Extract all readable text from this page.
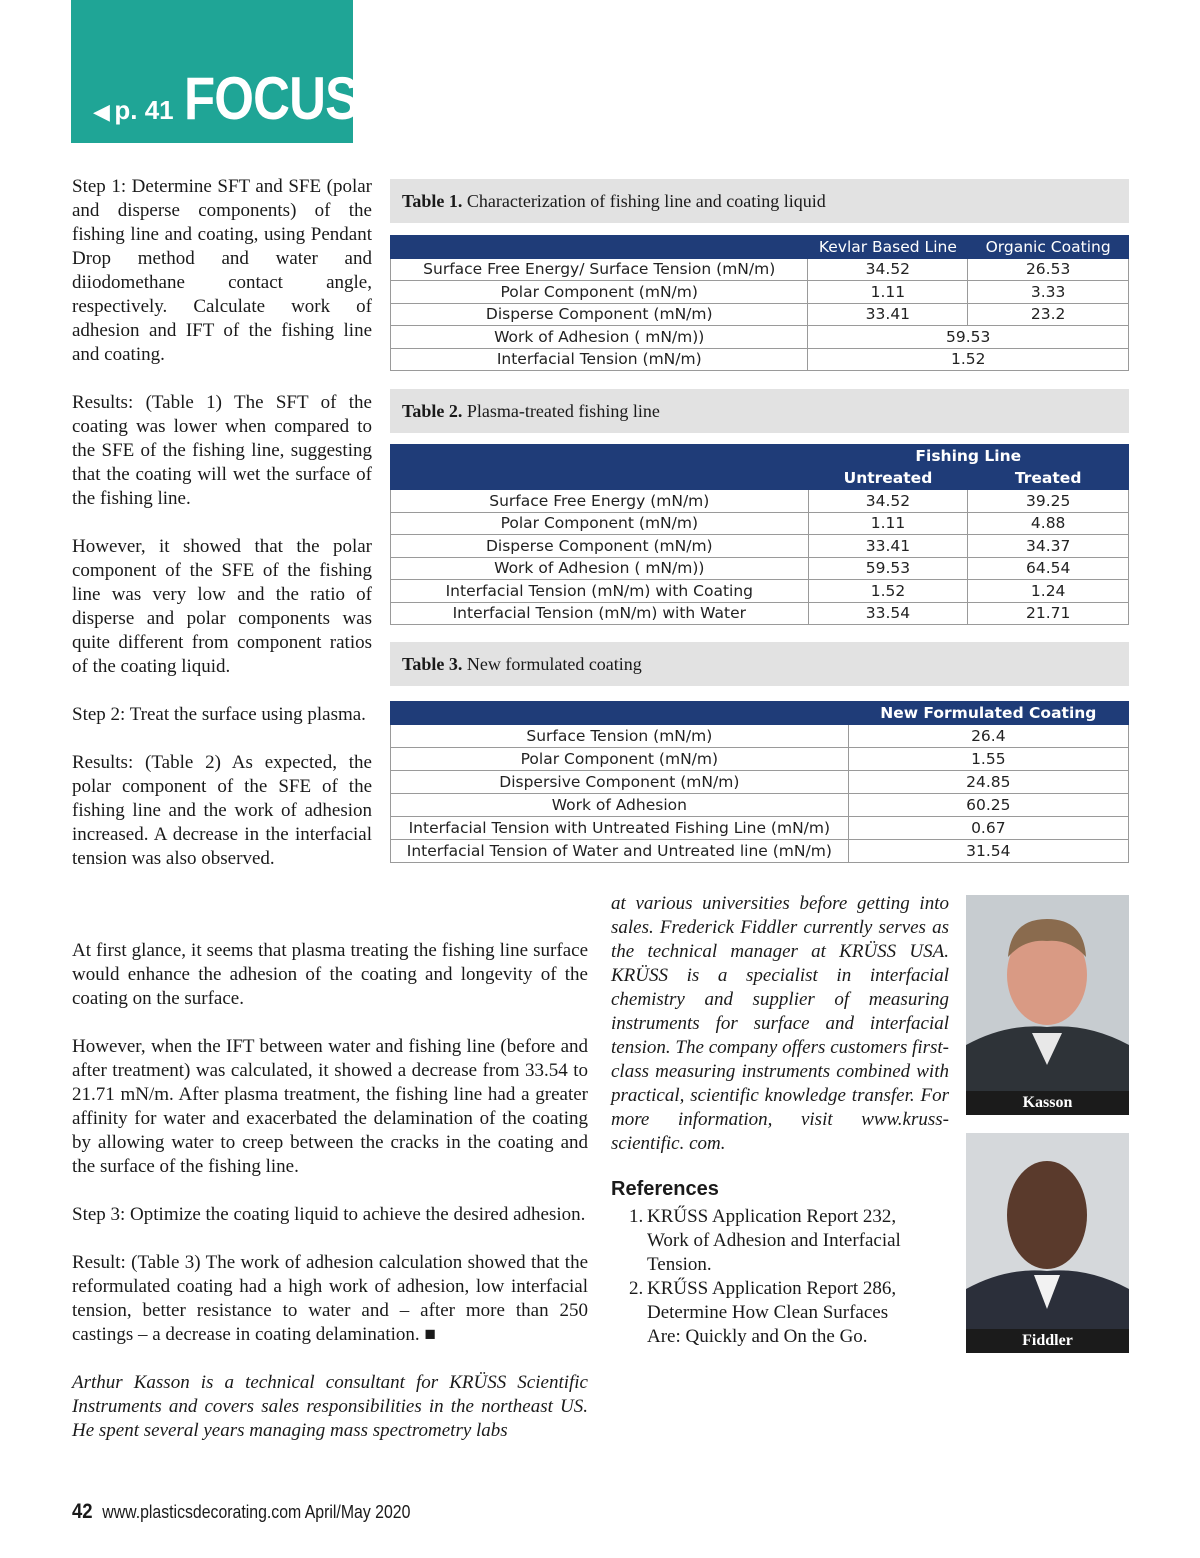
◀ p. 41 FOCUS

Step 1: Determine SFT and SFE (polar and disperse components) of the fishing line and coating, using Pendant Drop method and water and diiodomethane contact angle, respectively. Calculate work of adhesion and IFT of the fishing line and coating.

Results: (Table 1) The SFT of the coating was lower when compared to the SFE of the fishing line, suggesting that the coating will wet the surface of the fishing line.

However, it showed that the polar component of the SFE of the fishing line was very low and the ratio of disperse and polar components was quite different from component ratios of the coating liquid.

Step 2: Treat the surface using plasma.

Results: (Table 2) As expected, the polar component of the SFE of the fishing line and the work of adhesion increased. A decrease in the interfacial tension was also observed.

Table 1. Characterization of fishing line and coating liquid
	Kevlar Based Line	Organic Coating
Surface Free Energy/ Surface Tension (mN/m)	34.52	26.53
Polar Component (mN/m)	1.11	3.33
Disperse Component (mN/m)	33.41	23.2
Work of Adhesion ( mN/m))	59.53	
Interfacial Tension (mN/m)	1.52	
Table 2. Plasma-treated fishing line
	Fishing Line	
	Untreated	Treated
Surface Free Energy (mN/m)	34.52	39.25
Polar Component (mN/m)	1.11	4.88
Disperse Component (mN/m)	33.41	34.37
Work of Adhesion ( mN/m))	59.53	64.54
Interfacial Tension (mN/m) with Coating	1.52	1.24
Interfacial Tension (mN/m) with Water	33.54	21.71
Table 3. New formulated coating
	New Formulated Coating
Surface Tension (mN/m)	26.4
Polar Component (mN/m)	1.55
Dispersive Component (mN/m)	24.85
Work of Adhesion	60.25
Interfacial Tension with Untreated Fishing Line (mN/m)	0.67
Interfacial Tension of Water and Untreated line (mN/m)	31.54

At first glance, it seems that plasma treating the fishing line surface would enhance the adhesion of the coating and longevity of the coating on the surface.

However, when the IFT between water and fishing line (before and after treatment) was calculated, it showed a decrease from 33.54 to 21.71 mN/m. After plasma treatment, the fishing line had a greater affinity for water and exacerbated the delamination of the coating by allowing water to creep between the cracks in the coating and the surface of the fishing line.

Step 3: Optimize the coating liquid to achieve the desired adhesion.

Result: (Table 3) The work of adhesion calculation showed that the reformulated coating had a high work of adhesion, low interfacial tension, better resistance to water and – after more than 250 castings – a decrease in coating delamination. ■

Arthur Kasson is a technical consultant for KRÜSS Scientific Instruments and covers sales responsibilities in the northeast US. He spent several years managing mass spectrometry labs

at various universities before getting into sales. Frederick Fiddler currently serves as the technical manager at KRÜSS USA. KRÜSS is a specialist in interfacial chemistry and supplier of measuring instruments for surface and interfacial tension. The company offers customers first-class measuring instruments combined with practical, scientific knowledge transfer. For more information, visit www.kruss-scientific. com.

References
1. KRŰSS Application Report 232, Work of Adhesion and Interfacial Tension.
2. KRŰSS Application Report 286, Determine How Clean Surfaces Are: Quickly and On the Go.
Kasson
Fiddler
42 www.plasticsdecorating.com April/May 2020
